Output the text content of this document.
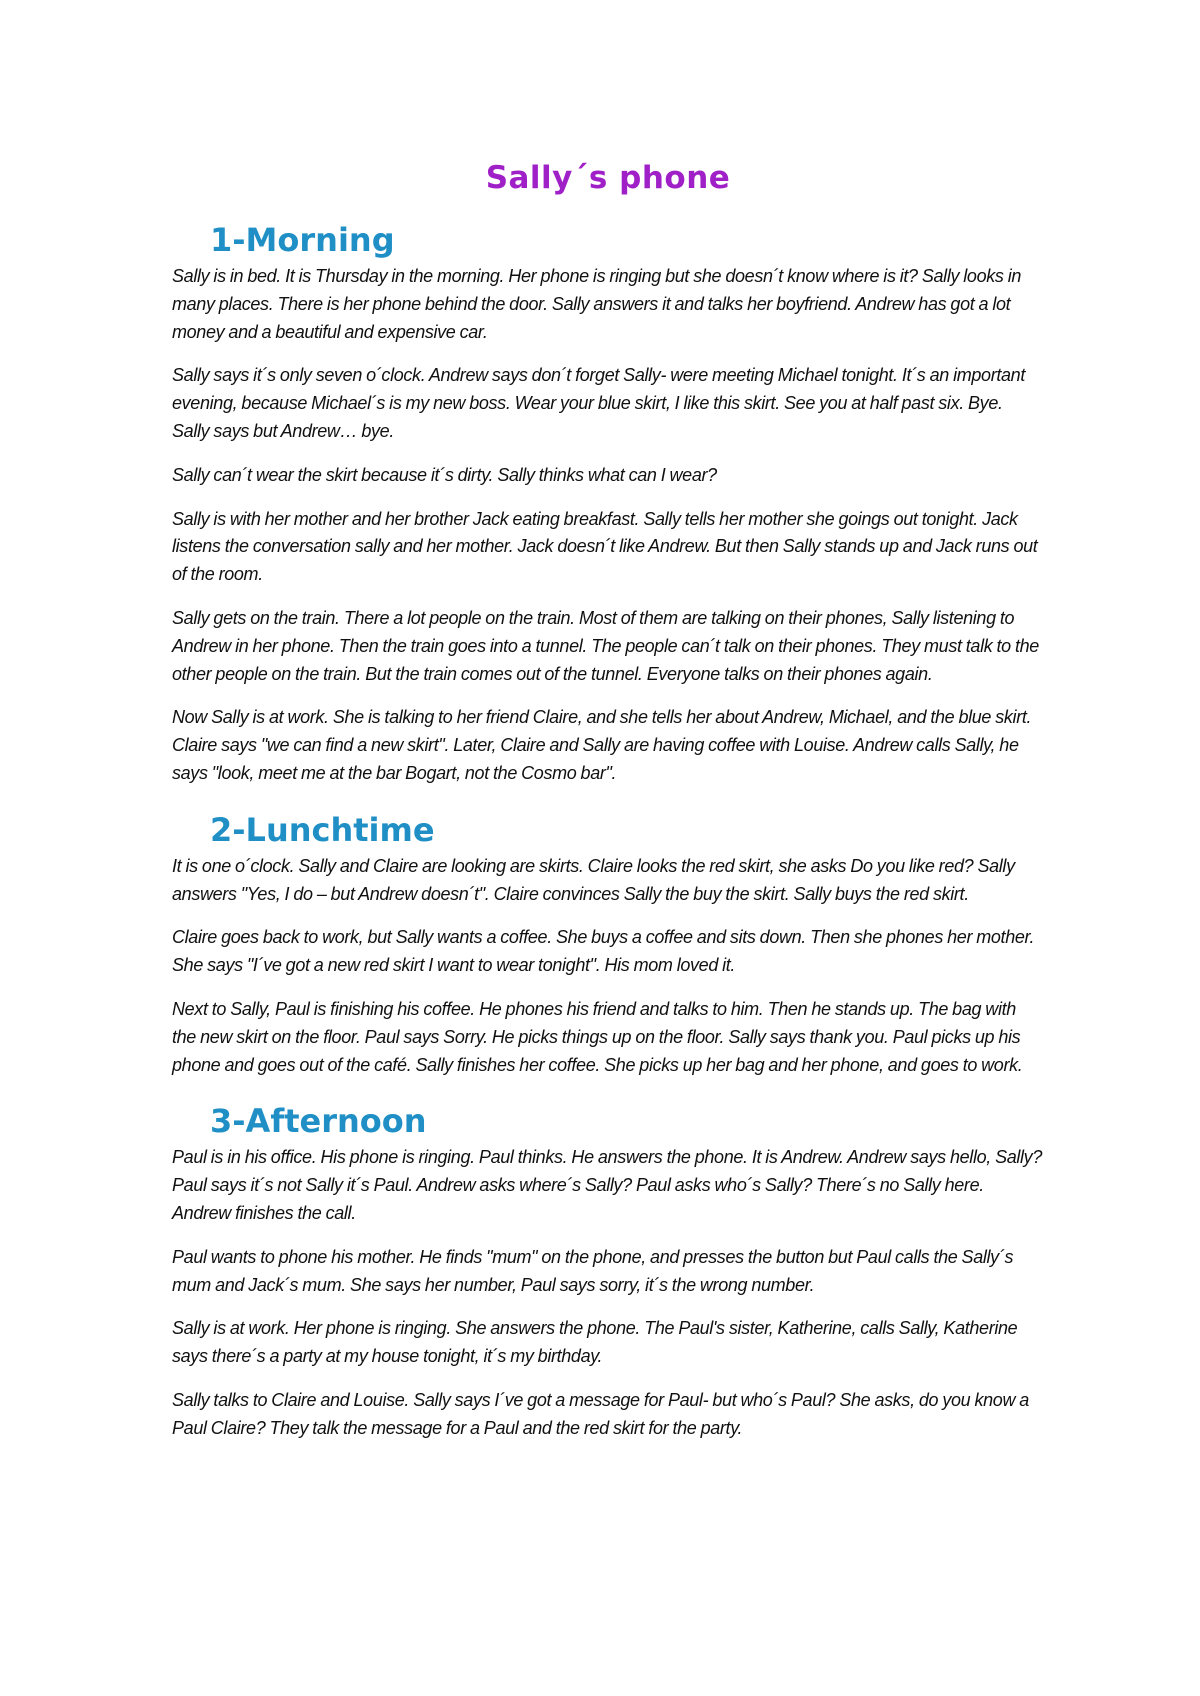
Sally´s phone
1-Morning

Sally is in bed. It is Thursday in the morning. Her phone is ringing but she doesn´t know where is it? Sally looks in many places. There is her phone behind the door. Sally answers it and talks her boyfriend. Andrew has got a lot money and a beautiful and expensive car.

Sally says it´s only seven o´clock. Andrew says don´t forget Sally- were meeting Michael tonight. It´s an important evening, because Michael´s is my new boss. Wear your blue skirt, I like this skirt. See you at half past six. Bye. Sally says but Andrew… bye.

Sally can´t wear the skirt because it´s dirty. Sally thinks what can I wear?

Sally is with her mother and her brother Jack eating breakfast. Sally tells her mother she goings out tonight. Jack listens the conversation sally and her mother. Jack doesn´t like Andrew. But then Sally stands up and Jack runs out of the room.

Sally gets on the train. There a lot people on the train. Most of them are talking on their phones, Sally listening to Andrew in her phone. Then the train goes into a tunnel. The people can´t talk on their phones. They must talk to the other people on the train. But the train comes out of the tunnel. Everyone talks on their phones again.

Now Sally is at work. She is talking to her friend Claire, and she tells her about Andrew, Michael, and the blue skirt. Claire says "we can find a new skirt". Later, Claire and Sally are having coffee with Louise. Andrew calls Sally, he says "look, meet me at the bar Bogart, not the Cosmo bar".

2-Lunchtime

It is one o´clock. Sally and Claire are looking are skirts. Claire looks the red skirt, she asks Do you like red? Sally answers "Yes, I do – but Andrew doesn´t". Claire convinces Sally the buy the skirt. Sally buys the red skirt.

Claire goes back to work, but Sally wants a coffee. She buys a coffee and sits down. Then she phones her mother. She says "I´ve got a new red skirt I want to wear tonight". His mom loved it.

Next to Sally, Paul is finishing his coffee. He phones his friend and talks to him. Then he stands up. The bag with the new skirt on the floor. Paul says Sorry. He picks things up on the floor. Sally says thank you. Paul picks up his phone and goes out of the café. Sally finishes her coffee. She picks up her bag and her phone, and goes to work.

3-Afternoon

Paul is in his office. His phone is ringing. Paul thinks. He answers the phone. It is Andrew. Andrew says hello, Sally? Paul says it´s not Sally it´s Paul. Andrew asks where´s Sally? Paul asks who´s Sally? There´s no Sally here. Andrew finishes the call.

Paul wants to phone his mother. He finds "mum" on the phone, and presses the button but Paul calls the Sally´s mum and Jack´s mum. She says her number, Paul says sorry, it´s the wrong number.

Sally is at work. Her phone is ringing. She answers the phone. The Paul's sister, Katherine, calls Sally, Katherine says there´s a party at my house tonight, it´s my birthday.

Sally talks to Claire and Louise. Sally says I´ve got a message for Paul- but who´s Paul? She asks, do you know a Paul Claire? They talk the message for a Paul and the red skirt for the party.
